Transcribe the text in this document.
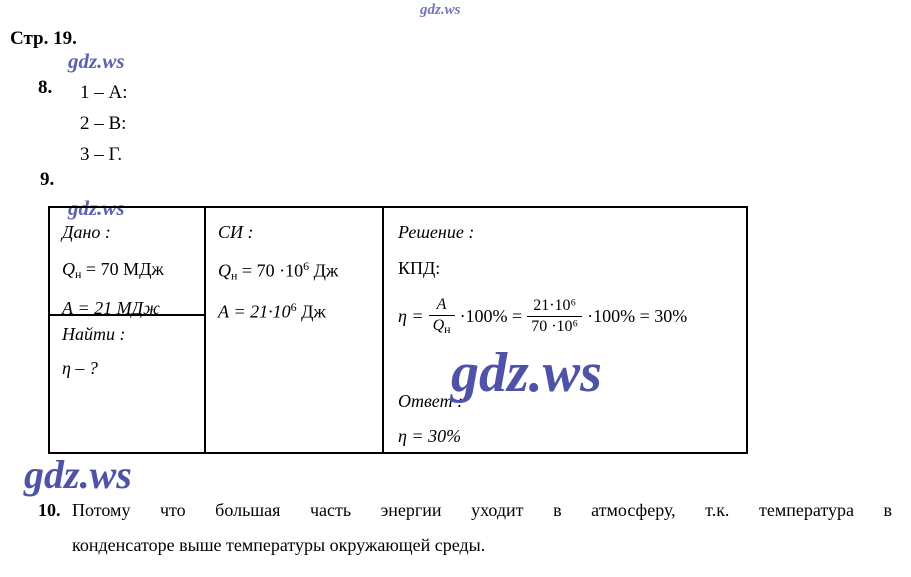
gdz.ws
Стр. 19.
gdz.ws
8. 1 – А:
2 – В:
3 – Г.
9.
gdz.ws
Дано :
$Q_н = 70$ МДж
А = 21 МДж
Найти :
η – ?
СИ :
$Q_н = 70 \cdot 10^6$ Дж
$А = 21\cdot 10^6$ Дж
Решение :
КПД:
$\eta = \frac{А}{Q_н} \cdot 100\% = \frac{\text{21·10⁶}}{\text{70 ·10⁶}} \cdot 100\% = 30\%$
Ответ :
η = 30%
gdz.ws
gdz.ws
10. Потому что большая часть энергии уходит в атмосферу, т.к. температура в
конденсаторе выше температуры окружающей среды.
